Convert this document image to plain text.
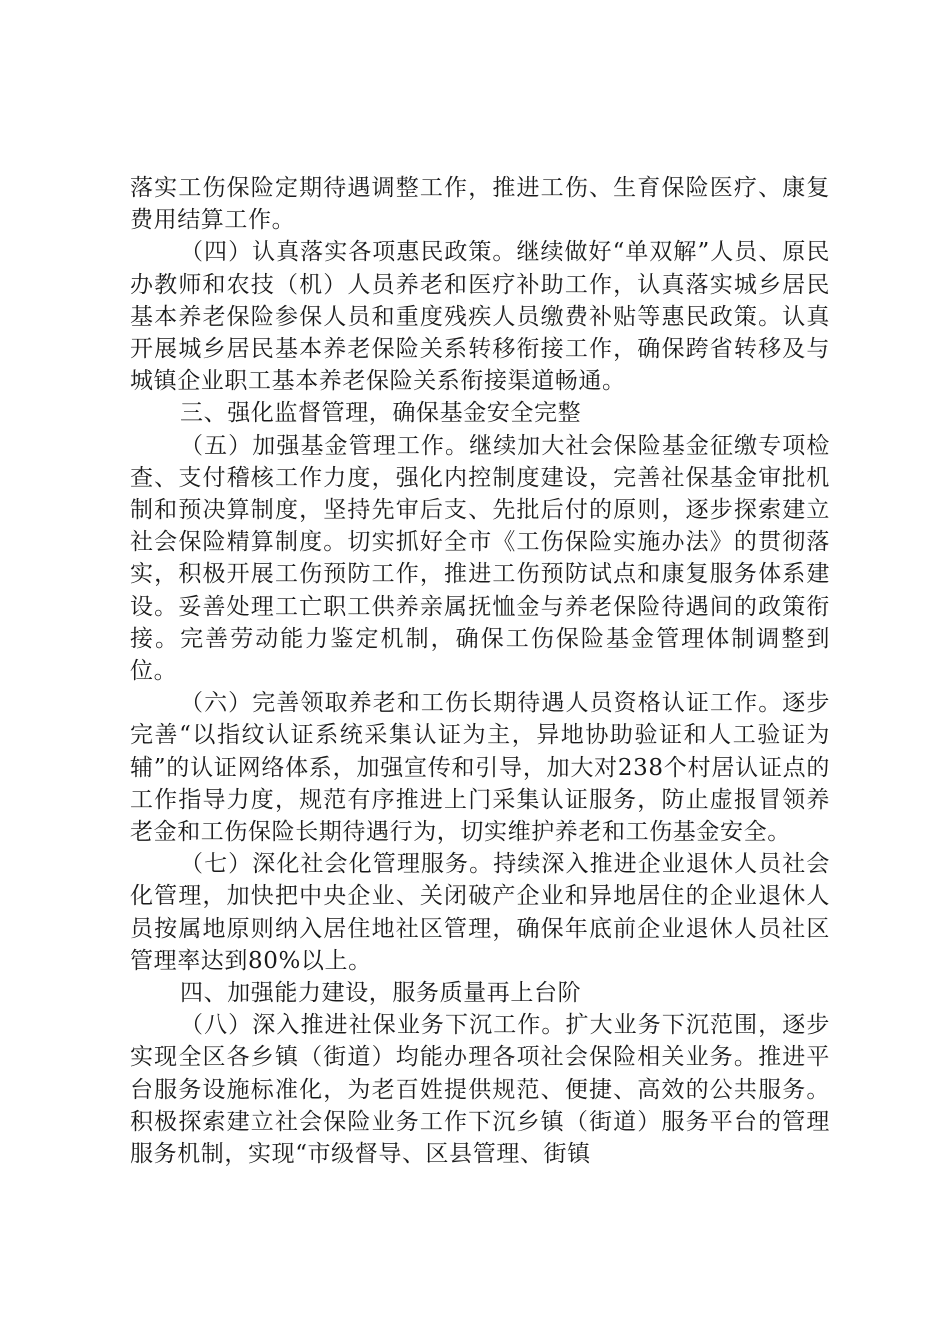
落实工伤保险定期待遇调整工作，推进工伤、生育保险医疗、康复费用结算工作。

（四）认真落实各项惠民政策。继续做好“单双解”人员、原民办教师和农技（机）人员养老和医疗补助工作，认真落实城乡居民基本养老保险参保人员和重度残疾人员缴费补贴等惠民政策。认真开展城乡居民基本养老保险关系转移衔接工作，确保跨省转移及与城镇企业职工基本养老保险关系衔接渠道畅通。

三、强化监督管理，确保基金安全完整

（五）加强基金管理工作。继续加大社会保险基金征缴专项检查、支付稽核工作力度，强化内控制度建设，完善社保基金审批机制和预决算制度，坚持先审后支、先批后付的原则，逐步探索建立社会保险精算制度。切实抓好全市《工伤保险实施办法》的贯彻落实，积极开展工伤预防工作，推进工伤预防试点和康复服务体系建设。妥善处理工亡职工供养亲属抚恤金与养老保险待遇间的政策衔接。完善劳动能力鉴定机制，确保工伤保险基金管理体制调整到位。

（六）完善领取养老和工伤长期待遇人员资格认证工作。逐步完善“以指纹认证系统采集认证为主，异地协助验证和人工验证为辅”的认证网络体系，加强宣传和引导，加大对238个村居认证点的工作指导力度，规范有序推进上门采集认证服务，防止虚报冒领养老金和工伤保险长期待遇行为，切实维护养老和工伤基金安全。

（七）深化社会化管理服务。持续深入推进企业退休人员社会化管理，加快把中央企业、关闭破产企业和异地居住的企业退休人员按属地原则纳入居住地社区管理，确保年底前企业退休人员社区管理率达到80%以上。

四、加强能力建设，服务质量再上台阶

（八）深入推进社保业务下沉工作。扩大业务下沉范围，逐步实现全区各乡镇（街道）均能办理各项社会保险相关业务。推进平台服务设施标准化，为老百姓提供规范、便捷、高效的公共服务。积极探索建立社会保险业务工作下沉乡镇（街道）服务平台的管理服务机制，实现“市级督导、区县管理、街镇
